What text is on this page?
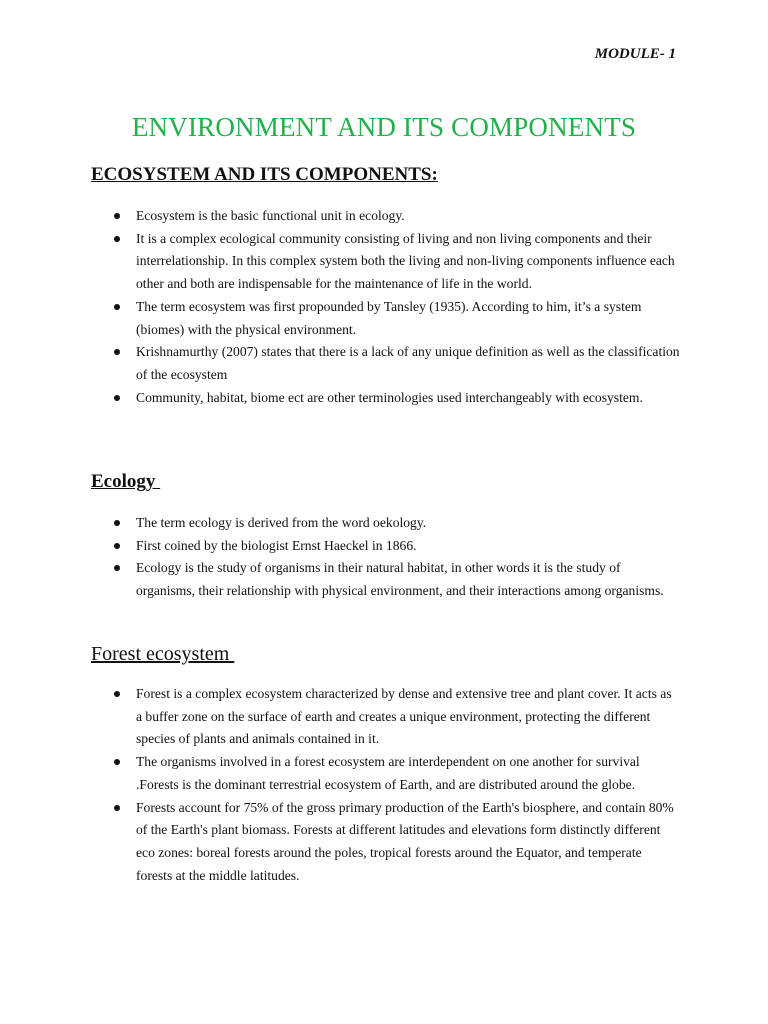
MODULE- 1
ENVIRONMENT AND ITS COMPONENTS
ECOSYSTEM AND ITS COMPONENTS:
Ecosystem is the basic functional unit in ecology.
It is a complex ecological community consisting of living and non living components and their interrelationship. In this complex system both the living and non-living components influence each other and both are indispensable for the maintenance of life in the world.
The term ecosystem was first propounded by Tansley (1935). According to him, it’s a system (biomes) with the physical environment.
Krishnamurthy (2007) states that there is a lack of any unique definition as well as the classification of the ecosystem
Community, habitat, biome ect are other terminologies used interchangeably with ecosystem.
Ecology
The term ecology is derived from the word oekology.
First coined by the biologist Ernst Haeckel in 1866.
Ecology is the study of organisms in their natural habitat, in other words it is the study of organisms, their relationship with physical environment, and their interactions among organisms.
Forest ecosystem
Forest is a complex ecosystem characterized by dense and extensive tree and plant cover. It acts as a buffer zone on the surface of earth and creates a unique environment, protecting the different species of plants and animals contained in it.
The organisms involved in a forest ecosystem are interdependent on one another for survival .Forests is the dominant terrestrial ecosystem of Earth, and are distributed around the globe.
Forests account for 75% of the gross primary production of the Earth's biosphere, and contain 80% of the Earth's plant biomass. Forests at different latitudes and elevations form distinctly different eco zones: boreal forests around the poles, tropical forests around the Equator, and temperate forests at the middle latitudes.
